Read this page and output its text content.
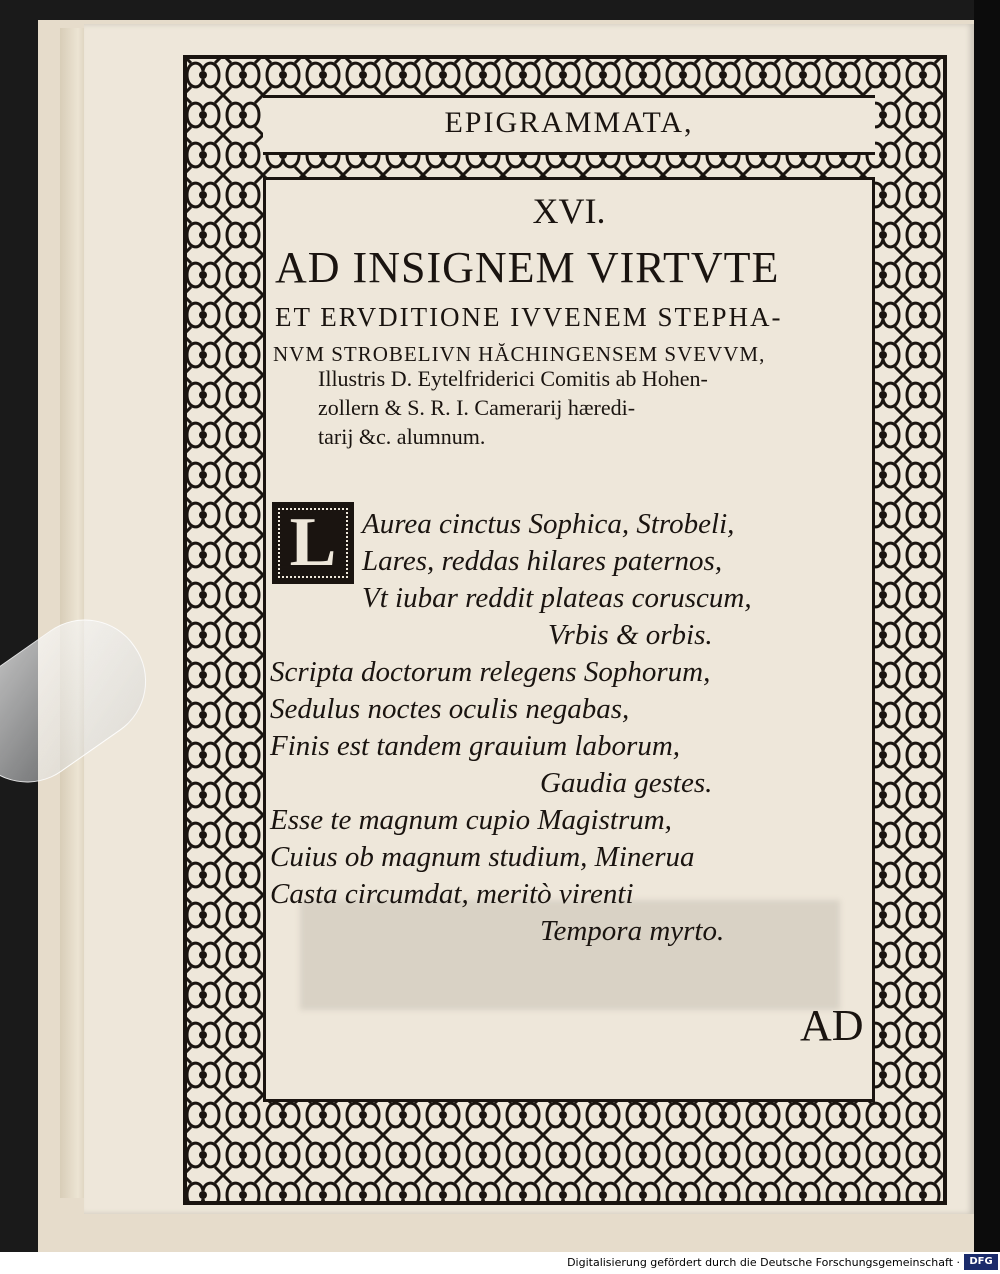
EPIGRAMMATA,
XVI.
AD INSIGNEM VIRTVTE
ET ERVDITIONE IVVENEM STEPHA-
NVM STROBELIVN HĂCHINGENSEM SVEVVM,
Illustris D. Eytelfriderici Comitis ab Hohen-
zollern & S. R. I. Camerarij hæredi-
tarij &c. alumnum.
L Aurea cinctus Sophica, Strobeli,
Lares, reddas hilares paternos,
Vt iubar reddit plateas coruscum,
Vrbis & orbis.
Scripta doctorum relegens Sophorum,
Sedulus noctes oculis negabas,
Finis est tandem grauium laborum,
Gaudia gestes.
Esse te magnum cupio Magistrum,
Cuius ob magnum studium, Minerua
Casta circumdat, meritò virenti
Tempora myrto.
AD
Digitalisierung gefördert durch die Deutsche Forschungsgemeinschaft · DFG
